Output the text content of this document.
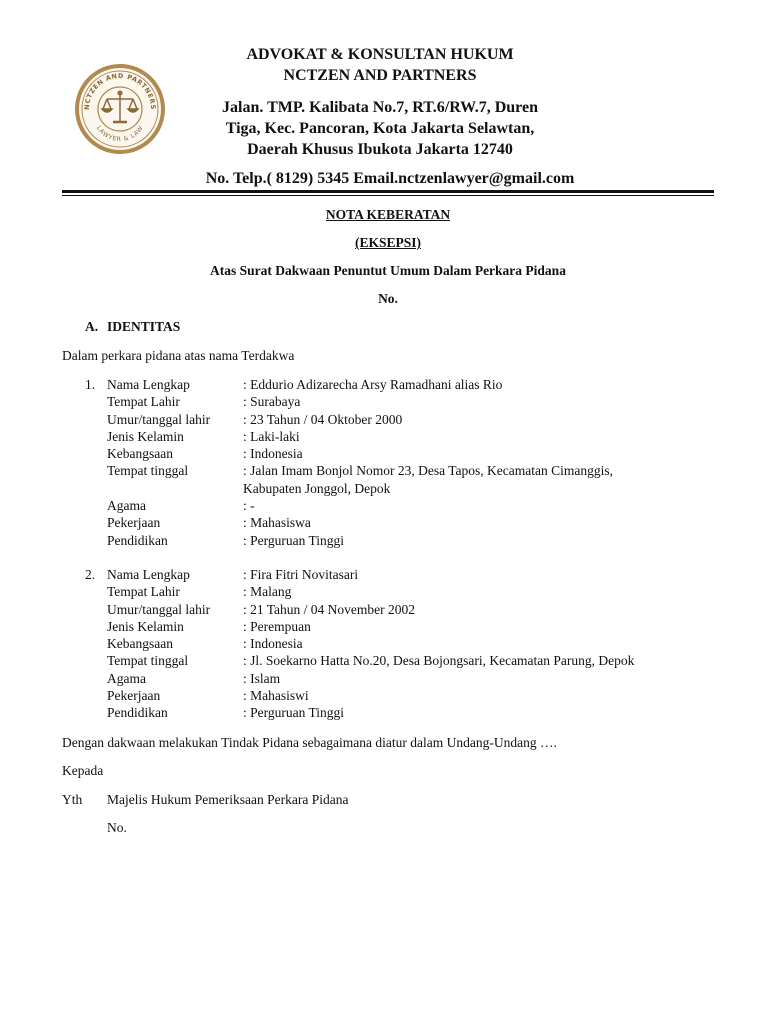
NCTZEN AND PARTNERS
LAWYER & LAW
ADVOKAT & KONSULTAN HUKUM
NCTZEN AND PARTNERS
Jalan. TMP. Kalibata No.7, RT.6/RW.7, Duren
Tiga, Kec. Pancoran, Kota Jakarta Selawtan,
Daerah Khusus Ibukota Jakarta 12740
No. Telp.( 8129) 5345 Email.nctzenlawyer@gmail.com
NOTA KEBERATAN
(EKSEPSI)
Atas Surat Dakwaan Penuntut Umum Dalam Perkara Pidana
No.
A. IDENTITAS
Dalam perkara pidana atas nama Terdakwa
1.	Nama Lengkap	: Eddurio Adizarecha Arsy Ramadhani alias Rio
	Tempat Lahir	: Surabaya
	Umur/tanggal lahir	: 23 Tahun / 04 Oktober 2000
	Jenis Kelamin	: Laki-laki
	Kebangsaan	: Indonesia
	Tempat tinggal	: Jalan Imam Bonjol Nomor 23, Desa Tapos, Kecamatan Cimanggis,
Kabupaten Jonggol, Depok

	Agama	: -
	Pekerjaan	: Mahasiswa
	Pendidikan	: Perguruan Tinggi
2.	Nama Lengkap	: Fira Fitri Novitasari
	Tempat Lahir	: Malang
	Umur/tanggal lahir	: 21 Tahun / 04 November 2002
	Jenis Kelamin	: Perempuan
	Kebangsaan	: Indonesia
	Tempat tinggal	: Jl. Soekarno Hatta No.20, Desa Bojongsari, Kecamatan Parung, Depok
	Agama	: Islam
	Pekerjaan	: Mahasiswi
	Pendidikan	: Perguruan Tinggi
Dengan dakwaan melakukan Tindak Pidana sebagaimana diatur dalam Undang-Undang ….
Kepada
Yth Majelis Hukum Pemeriksaan Perkara Pidana
No.
